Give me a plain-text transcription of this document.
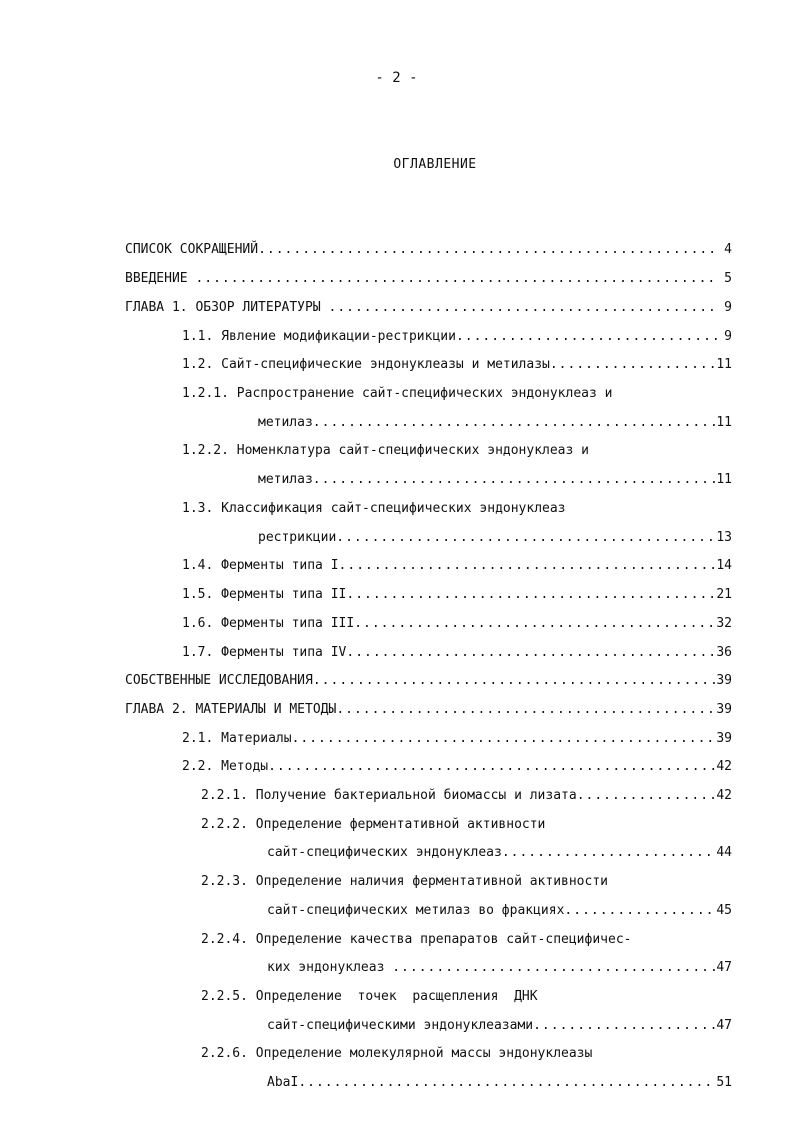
- 2 -
ОГЛАВЛЕНИЕ
СПИСОК СОКРАЩЕНИЙ .....	4
ВВЕДЕНИЕ .....	5
ГЛАВА 1. ОБЗОР ЛИТЕРАТУРЫ .....	9
1.1. Явление модификации-рестрикции .....	9
1.2. Сайт-специфические эндонуклеазы и метилазы .....	11
1.2.1. Распространение сайт-специфических эндонуклеаз и
метилаз .....	11
1.2.2. Номенклатура сайт-специфических эндонуклеаз и
метилаз .....	11
1.3. Классификация сайт-специфических эндонуклеаз
рестрикции .....	13
1.4. Ферменты типа I .....	14
1.5. Ферменты типа II .....	21
1.6. Ферменты типа III .....	32
1.7. Ферменты типа IV .....	36
СОБСТВЕННЫЕ ИССЛЕДОВАНИЯ .....	39
ГЛАВА 2. МАТЕРИАЛЫ И МЕТОДЫ .....	39
2.1. Материалы .....	39
2.2. Методы .....	42
2.2.1. Получение бактериальной биомассы и лизата .....	42
2.2.2. Определение ферментативной активности
сайт-специфических эндонуклеаз .....	44
2.2.3. Определение наличия ферментативной активности
сайт-специфических метилаз во фракциях .....	45
2.2.4. Определение качества препаратов сайт-специфичес-
ких эндонуклеаз .....	47
2.2.5. Определение  точек  расщепления  ДНК
сайт-специфическими эндонуклеазами .....	47
2.2.6. Определение молекулярной массы эндонуклеазы
AbaI .....	51
